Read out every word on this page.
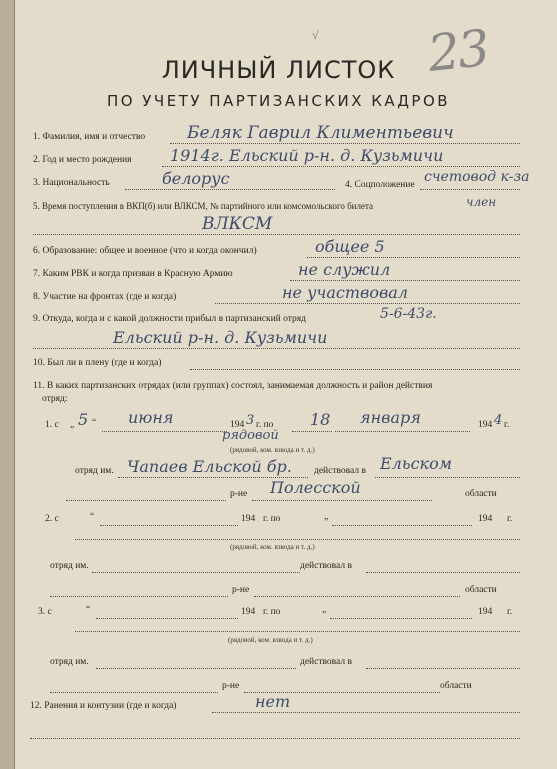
√ 23
ЛИЧНЫЙ ЛИСТОК
ПО УЧЕТУ ПАРТИЗАНСКИХ КАДРОВ
1. Фамилия, имя и отчество Беляк Гаврил Климентьевич
2. Год и место рождения 1914г. Ельский р-н. д. Кузьмичи
3. Национальность	белорус	4. Соцположение счетовод к-за
5. Время поступления в ВКП(б) или ВЛКСМ, № партийного или комсомольского билета	член
ВЛКСМ
6. Образование: общее и военное (что и когда окончил)	общее 5
7. Каким РВК и когда призван в Красную Армию	не служил
8. Участие на фронтах (где и когда)	не участвовал
9. Откуда, когда и с какой должности прибыл в партизанский отряд	5-6-43г.
Ельский р-н. д. Кузьмичи
10. Был ли в плену (где и когда)
11. В каких партизанских отрядах (или группах) состоял, занимаемая должность и район действия
отряд:
1. с „ 5 “ июня	194 3 г. по 18 января	194 4 г.
рядовой
(рядовой, ком. взвода и т. д.)
отряд им. Чапаев Ельской бр. действовал в Ельском
р-не Полесской	области
2. с	“	194 г. по	„	194 г.
(рядовой, ком. взвода и т. д.)
отряд им.	действовал в
р-не	области
3. с	“	194 г. по	„	194 г.
(рядовой, ком. взвода и т. д.)
отряд им.	действовал в
р-не	области
12. Ранения и контузии (где и когда)	нет
